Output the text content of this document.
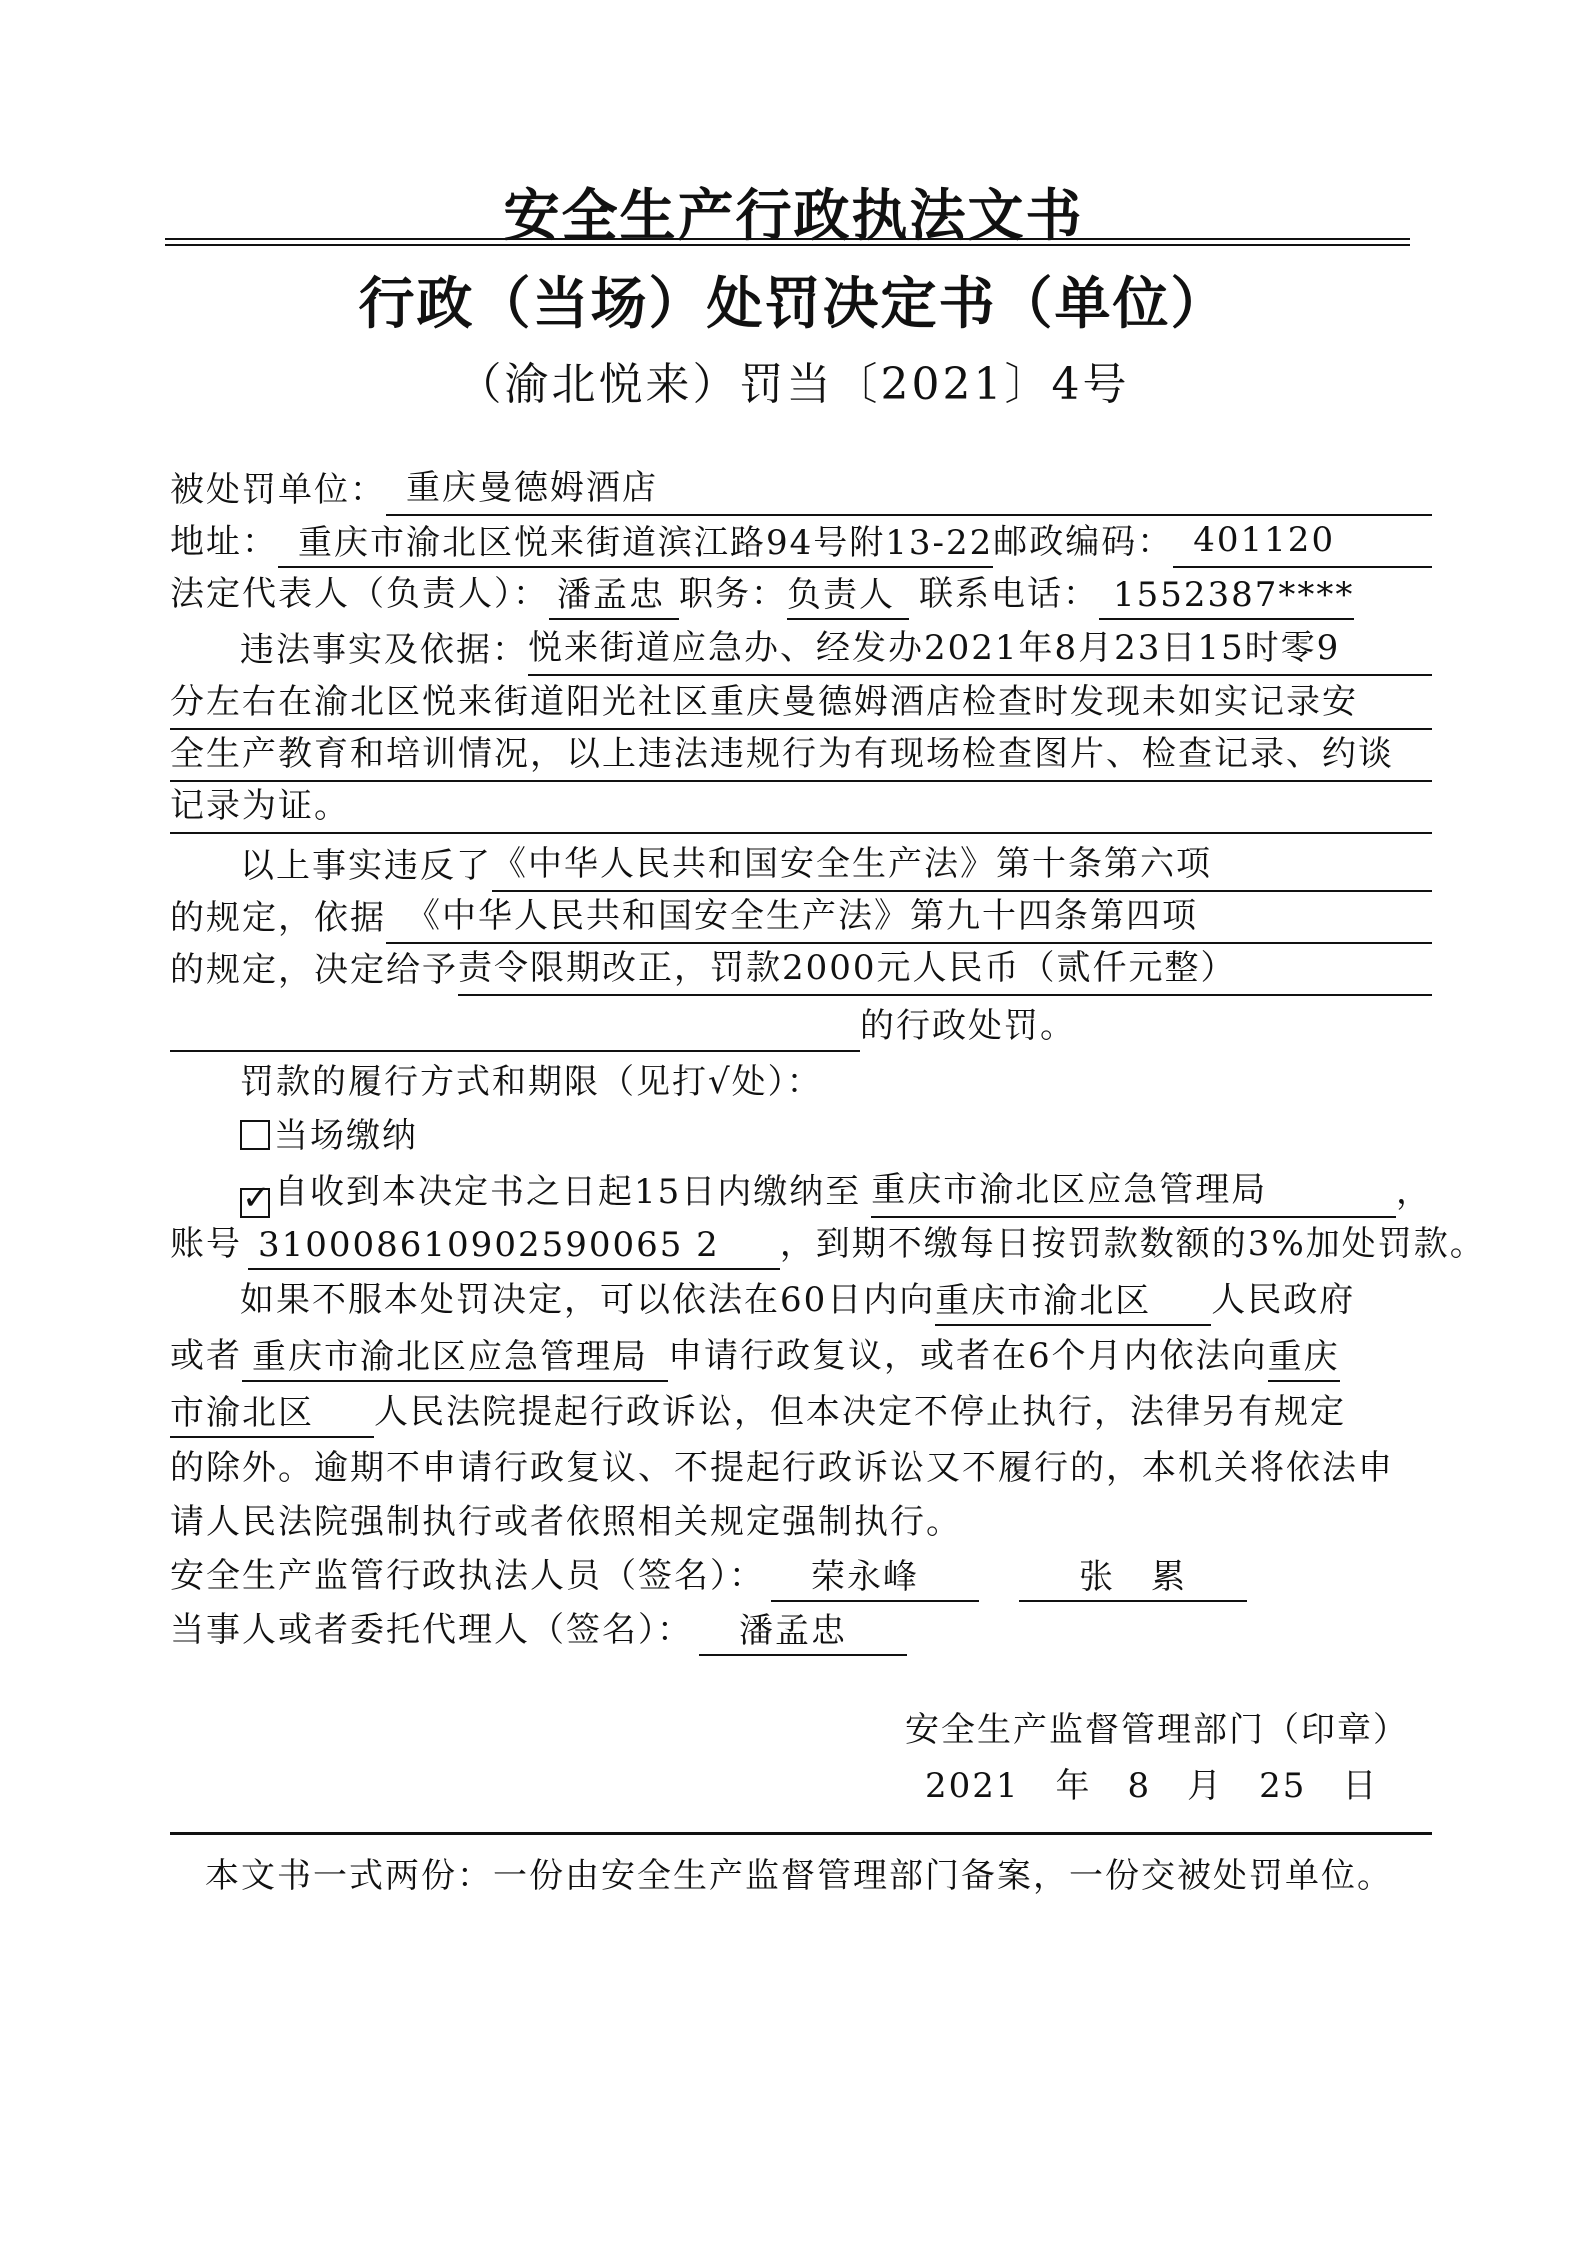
安全生产行政执法文书
行政（当场）处罚决定书（单位）
（渝北悦来）罚当〔2021〕4号
被处罚单位： 重庆曼德姆酒店
地址： 重庆市渝北区悦来街道滨江路94号附13-22 邮政编码： 401120
法定代表人（负责人）： 潘孟忠 职务： 负责人 联系电话： 1552387****
违法事实及依据： 悦来街道应急办、经发办2021年8月23日15时零9
分左右在渝北区悦来街道阳光社区重庆曼德姆酒店检查时发现未如实记录安
全生产教育和培训情况，以上违法违规行为有现场检查图片、检查记录、约谈
记录为证。
以上事实违反了 《中华人民共和国安全生产法》第十条第六项
的规定，依据 《中华人民共和国安全生产法》第九十四条第四项
的规定，决定给予 责令限期改正，罚款2000元人民币（贰仟元整）
的行政处罚。
罚款的履行方式和期限（见打√处）：
当场缴纳
✓ 自收到本决定书之日起15日内缴纳至 重庆市渝北区应急管理局	，
账号 310008610902590065 2	，到期不缴每日按罚款数额的3%加处罚款。
如果不服本处罚决定，可以依法在60日内向 重庆市渝北区	人民政府
或者 重庆市渝北区应急管理局 申请行政复议，或者在6个月内依法向 重庆
市渝北区	人民法院提起行政诉讼，但本决定不停止执行，法律另有规定
的除外。逾期不申请行政复议、不提起行政诉讼又不履行的，本机关将依法申
请人民法院强制执行或者依照相关规定强制执行。
安全生产监管行政执法人员（签名）：	荣永峰	张　累
当事人或者委托代理人（签名）：	潘孟忠
安全生产监督管理部门（印章）
2021　年　8　月　25　日
本文书一式两份：一份由安全生产监督管理部门备案，一份交被处罚单位。
